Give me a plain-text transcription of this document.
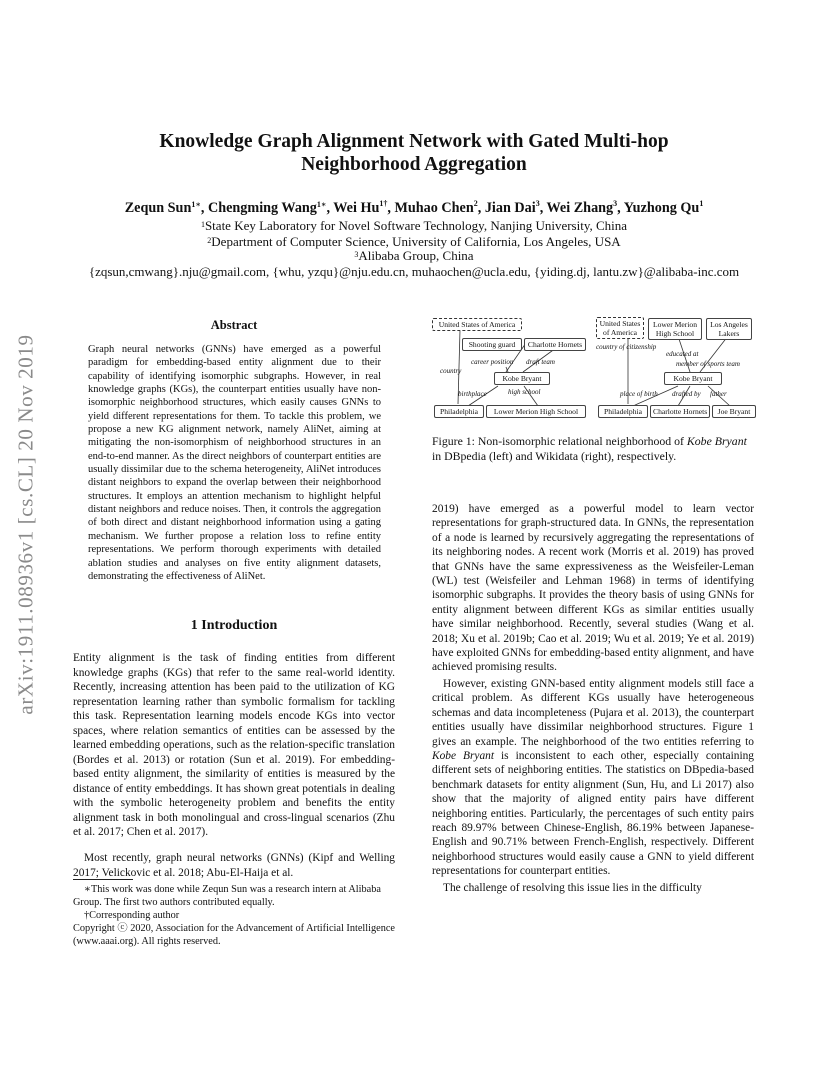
arXiv:1911.08936v1 [cs.CL] 20 Nov 2019
Knowledge Graph Alignment Network with Gated Multi-hop
Neighborhood Aggregation
Zequn Sun$^{1∗}$, Chengming Wang$^{1∗}$, Wei $Hu^{1\dagger}$, Muhao Chen$^2$, Jian Dai$^3$, Wei Zhang$^3$, Yuzhong Qu$^1$
$^1$State Key Laboratory for Novel Software Technology, Nanjing University, China
$^2$Department of Computer Science, University of California, Los Angeles, USA
$^3$Alibaba Group, China
{zqsun,cmwang}.nju@gmail.com, {whu, yzqu}@nju.edu.cn, muhaochen@ucla.edu, {yiding.dj, lantu.zw}@alibaba-inc.com
Abstract
Graph neural networks (GNNs) have emerged as a powerful paradigm for embedding-based entity alignment due to their capability of identifying isomorphic subgraphs. However, in real knowledge graphs (KGs), the counterpart entities usually have non-isomorphic neighborhood structures, which easily causes GNNs to yield different representations for them. To tackle this problem, we propose a new KG alignment network, namely AliNet, aiming at mitigating the non-isomorphism of neighborhood structures in an end-to-end manner. As the direct neighbors of counterpart entities are usually dissimilar due to the schema heterogeneity, AliNet introduces distant neighbors to expand the overlap between their neighborhood structures. It employs an attention mechanism to highlight helpful distant neighbors and reduce noises. Then, it controls the aggregation of both direct and distant neighborhood information using a gating mechanism. We further propose a relation loss to refine entity representations. We perform thorough experiments with detailed ablation studies and analyses on five entity alignment datasets, demonstrating the effectiveness of AliNet.
1 Introduction

Entity alignment is the task of finding entities from different knowledge graphs (KGs) that refer to the same real-world identity. Recently, increasing attention has been paid to the utilization of KG representation learning rather than symbolic formalism for tackling this task. Representation learning models encode KGs into vector spaces, where relation semantics of entities can be assessed by the learned embedding operations, such as the relation-specific translation (Bordes et al. 2013) or rotation (Sun et al. 2019). For embedding-based entity alignment, the similarity of entities is measured by the distance of entity embeddings. It has shown great potentials in dealing with the symbolic heterogeneity problem and benefits the entity alignment task in both monolingual and cross-lingual scenarios (Zhu et al. 2017; Chen et al. 2017).

Most recently, graph neural networks (GNNs) (Kipf and Welling 2017; Velickovic et al. 2018; Abu-El-Haija et al.

∗This work was done while Zequn Sun was a research intern at Alibaba Group. The first two authors contributed equally.

†Corresponding author

Copyright ⓒ 2020, Association for the Advancement of Artificial Intelligence (www.aaai.org). All rights reserved.

United States of America
Shooting guard	Charlotte Hornets
career position draft team
country
Kobe Bryant
birthplace	high school
Philadelphia	Lower Merion High School
United States of America
Lower Merion High School
Los Angeles Lakers
country of citizenship
educated at
member of sports team
Kobe Bryant
place of birth drafted by father
Philadelphia	Charlotte Hornets	Joe Bryant
Figure 1: Non-isomorphic relational neighborhood of Kobe Bryant in DBpedia (left) and Wikidata (right), respectively.

2019) have emerged as a powerful model to learn vector representations for graph-structured data. In GNNs, the representation of a node is learned by recursively aggregating the representations of its neighboring nodes. A recent work (Morris et al. 2019) has proved that GNNs have the same expressiveness as the Weisfeiler-Leman (WL) test (Weisfeiler and Lehman 1968) in terms of identifying isomorphic subgraphs. It provides the theory basis of using GNNs for entity alignment between different KGs as similar entities usually have similar neighborhood. Recently, several studies (Wang et al. 2018; Xu et al. 2019b; Cao et al. 2019; Wu et al. 2019; Ye et al. 2019) have exploited GNNs for embedding-based entity alignment, and have achieved promising results.

However, existing GNN-based entity alignment models still face a critical problem. As different KGs usually have heterogeneous schemas and data incompleteness (Pujara et al. 2013), the counterpart entities usually have dissimilar neighborhood structures. Figure 1 gives an example. The neighborhood of the two entities referring to Kobe Bryant is inconsistent to each other, especially containing different sets of neighboring entities. The statistics on DBpedia-based benchmark datasets for entity alignment (Sun, Hu, and Li 2017) also show that the majority of aligned entity pairs have different neighboring entities. Particularly, the percentages of such entity pairs reach 89.97% between Chinese-English, 86.19% between Japanese-English and 90.71% between French-English, respectively. Different neighborhood structures would easily cause a GNN to yield different representations for counterpart entities.

The challenge of resolving this issue lies in the difficulty
